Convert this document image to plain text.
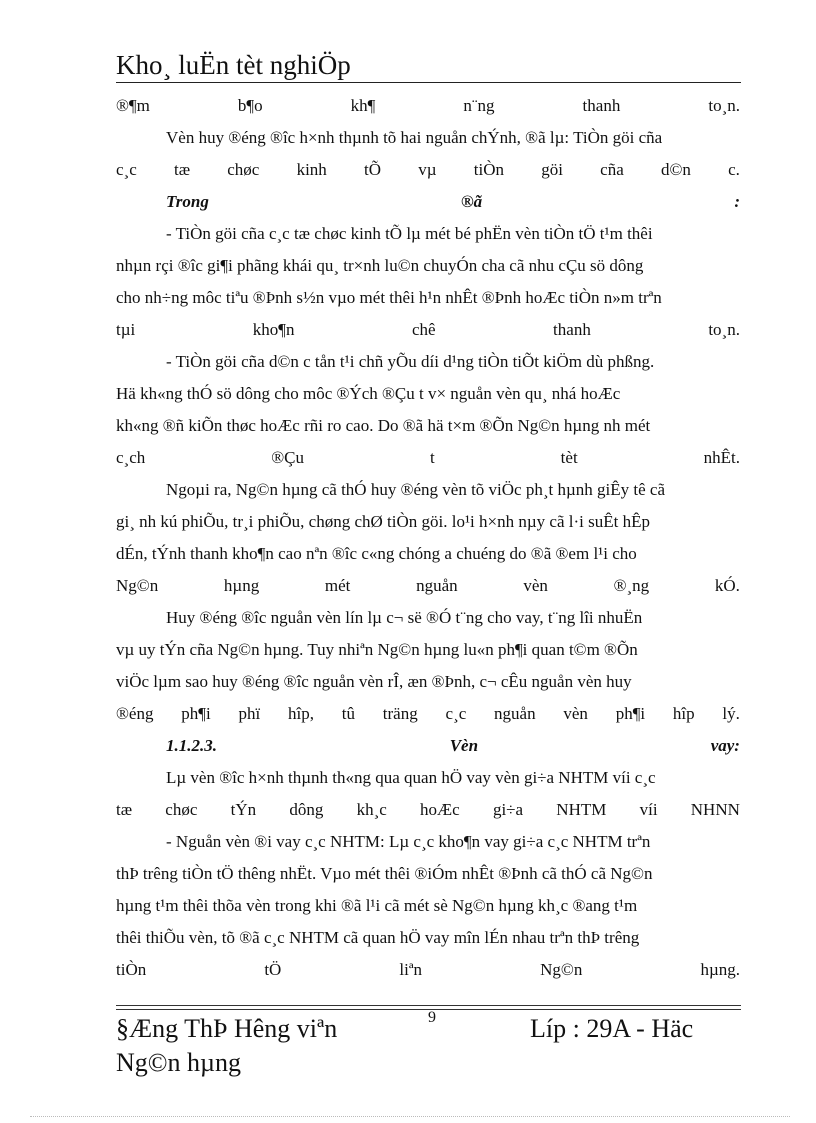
Kho¸ luËn tèt nghiÖp
®¶m	b¶o	kh¶	n¨ng	thanh	to¸n.
Vèn huy ®éng ®îc h×nh thµnh tõ hai nguån chÝnh, ®ã lµ: TiÒn göi cña
c¸c tæ chøc kinh tÕ vµ tiÒn göi cña d©n c.
Trong	®ã	:
- TiÒn göi cña c¸c tæ chøc kinh tÕ lµ mét bé phËn vèn tiÒn tÖ t¹m thêi
nhµn rçi ®îc gi¶i phãng khái qu¸ tr×nh lu©n chuyÓn cha cã nhu cÇu sö dông
cho nh÷ng môc tiªu ®Þnh s½n vµo mét thêi h¹n nhÊt ®Þnh hoÆc tiÒn n»m trªn
tµi	kho¶n	chê	thanh	to¸n.
- TiÒn göi cña d©n c tån t¹i chñ yÕu díi d¹ng tiÒn tiÕt kiÖm dù phßng.
Hä kh«ng thÓ sö dông cho môc ®Ých ®Çu t v× nguån vèn qu¸ nhá hoÆc
kh«ng ®ñ kiÕn thøc hoÆc rñi ro cao. Do ®ã hä t×m ®Õn Ng©n hµng nh mét
c¸ch	®Çu	t	tèt	nhÊt.
Ngoµi ra, Ng©n hµng cã thÓ huy ®éng vèn tõ viÖc ph¸t hµnh giÊy tê cã
gi¸ nh kú phiÕu, tr¸i phiÕu, chøng chØ tiÒn göi. lo¹i h×nh nµy cã l·i suÊt hÊp
dÉn, tÝnh thanh kho¶n cao nªn ®îc c«ng chóng a chuéng do ®ã ®em l¹i cho
Ng©n	hµng	mét	nguån	vèn	®¸ng	kÓ.
Huy ®éng ®îc nguån vèn lín lµ c¬ së ®Ó t¨ng cho vay, t¨ng lîi nhuËn
vµ uy tÝn cña Ng©n hµng. Tuy nhiªn Ng©n hµng lu«n ph¶i quan t©m ®Õn
viÖc lµm sao huy ®éng ®îc nguån vèn rÎ, æn ®Þnh, c¬ cÊu nguån vèn huy
®éng ph¶i phï hîp, tû träng c¸c nguån vèn ph¶i hîp lý.
1.1.2.3.	Vèn	vay:
Lµ vèn ®îc h×nh thµnh th«ng qua quan hÖ vay vèn gi÷a NHTM víi c¸c
tæ chøc tÝn dông kh¸c hoÆc gi÷a NHTM víi NHNN
- Nguån vèn ®i vay c¸c NHTM: Lµ c¸c kho¶n vay gi÷a c¸c NHTM trªn
thÞ trêng tiÒn tÖ thêng nhËt. Vµo mét thêi ®iÓm nhÊt ®Þnh cã thÓ cã Ng©n
hµng t¹m thêi thõa vèn trong khi ®ã l¹i cã mét sè Ng©n hµng kh¸c ®ang t¹m
thêi thiÕu vèn, tõ ®ã c¸c NHTM cã quan hÖ vay mîn lÉn nhau trªn thÞ trêng
tiÒn	tÖ	liªn	Ng©n	hµng.
§Æng ThÞ Hêng viªn Ng©n hµng
9	Líp : 29A - Häc
